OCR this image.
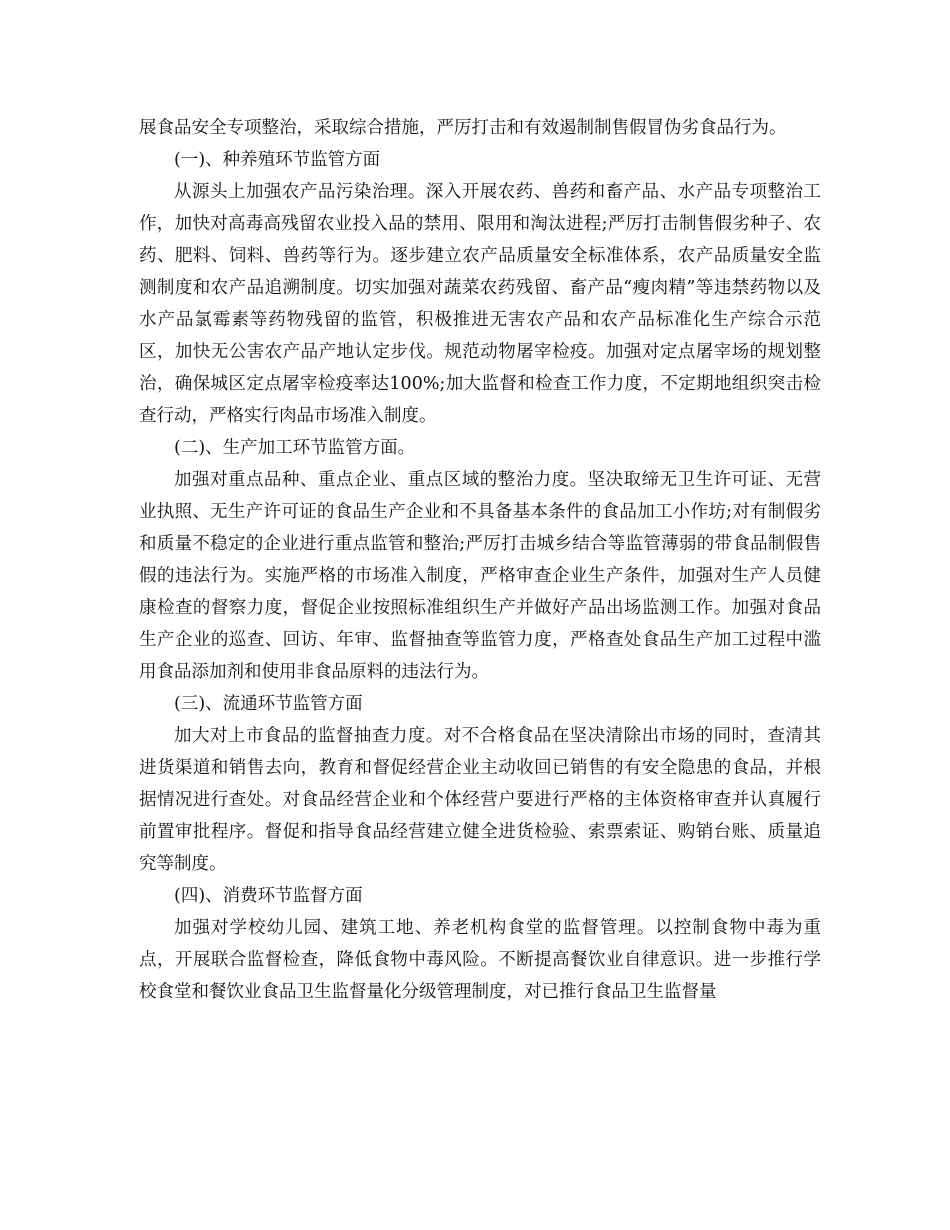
展食品安全专项整治，采取综合措施，严厉打击和有效遏制制售假冒伪劣食品行为。

(一)、种养殖环节监管方面

从源头上加强农产品污染治理。深入开展农药、兽药和畜产品、水产品专项整治工作，加快对高毒高残留农业投入品的禁用、限用和淘汰进程;严厉打击制售假劣种子、农药、肥料、饲料、兽药等行为。逐步建立农产品质量安全标准体系，农产品质量安全监测制度和农产品追溯制度。切实加强对蔬菜农药残留、畜产品“瘦肉精”等违禁药物以及水产品氯霉素等药物残留的监管，积极推进无害农产品和农产品标准化生产综合示范区，加快无公害农产品产地认定步伐。规范动物屠宰检疫。加强对定点屠宰场的规划整治，确保城区定点屠宰检疫率达100%;加大监督和检查工作力度，不定期地组织突击检查行动，严格实行肉品市场准入制度。

(二)、生产加工环节监管方面。

加强对重点品种、重点企业、重点区域的整治力度。坚决取缔无卫生许可证、无营业执照、无生产许可证的食品生产企业和不具备基本条件的食品加工小作坊;对有制假劣和质量不稳定的企业进行重点监管和整治;严厉打击城乡结合等监管薄弱的带食品制假售假的违法行为。实施严格的市场准入制度，严格审查企业生产条件，加强对生产人员健康检查的督察力度，督促企业按照标准组织生产并做好产品出场监测工作。加强对食品生产企业的巡查、回访、年审、监督抽查等监管力度，严格查处食品生产加工过程中滥用食品添加剂和使用非食品原料的违法行为。

(三)、流通环节监管方面

加大对上市食品的监督抽查力度。对不合格食品在坚决清除出市场的同时，查清其进货渠道和销售去向，教育和督促经营企业主动收回已销售的有安全隐患的食品，并根据情况进行查处。对食品经营企业和个体经营户要进行严格的主体资格审查并认真履行前置审批程序。督促和指导食品经营建立健全进货检验、索票索证、购销台账、质量追究等制度。

(四)、消费环节监督方面

加强对学校幼儿园、建筑工地、养老机构食堂的监督管理。以控制食物中毒为重点，开展联合监督检查，降低食物中毒风险。不断提高餐饮业自律意识。进一步推行学校食堂和餐饮业食品卫生监督量化分级管理制度，对已推行食品卫生监督量
